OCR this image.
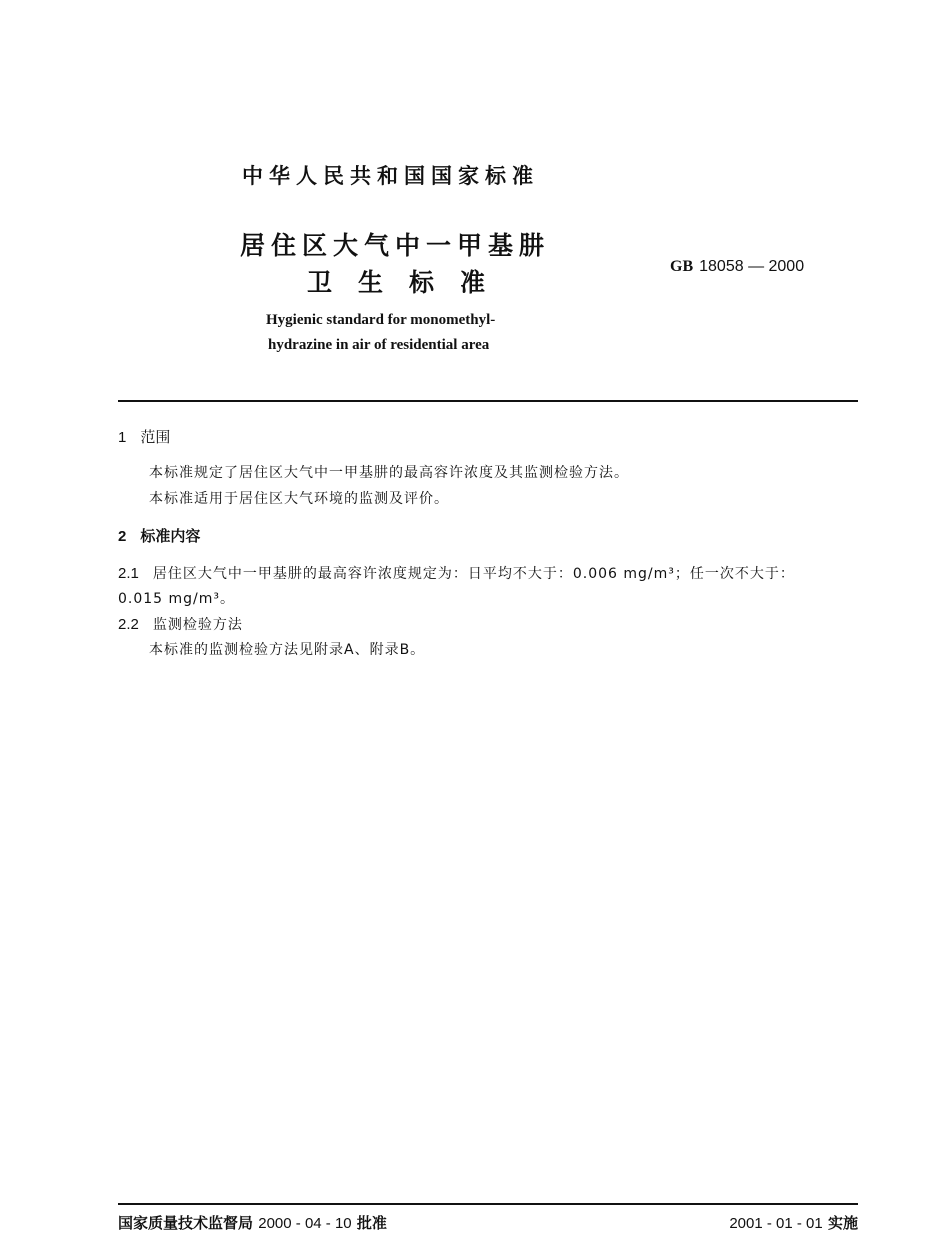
中华人民共和国国家标准
居住区大气中一甲基肼
卫生标准
GB 18058 — 2000
Hygienic standard for monomethyl-
hydrazine in air of residential area
1 范围
本标准规定了居住区大气中一甲基肼的最高容许浓度及其监测检验方法。
本标准适用于居住区大气环境的监测及评价。
2 标准内容
2.1 居住区大气中一甲基肼的最高容许浓度规定为：日平均不大于：0.006 mg/m³；任一次不大于：
0.015 mg/m³。
2.2 监测检验方法
本标准的监测检验方法见附录A、附录B。
国家质量技术监督局 2000 - 04 - 10 批准	2001 - 01 - 01 实施
